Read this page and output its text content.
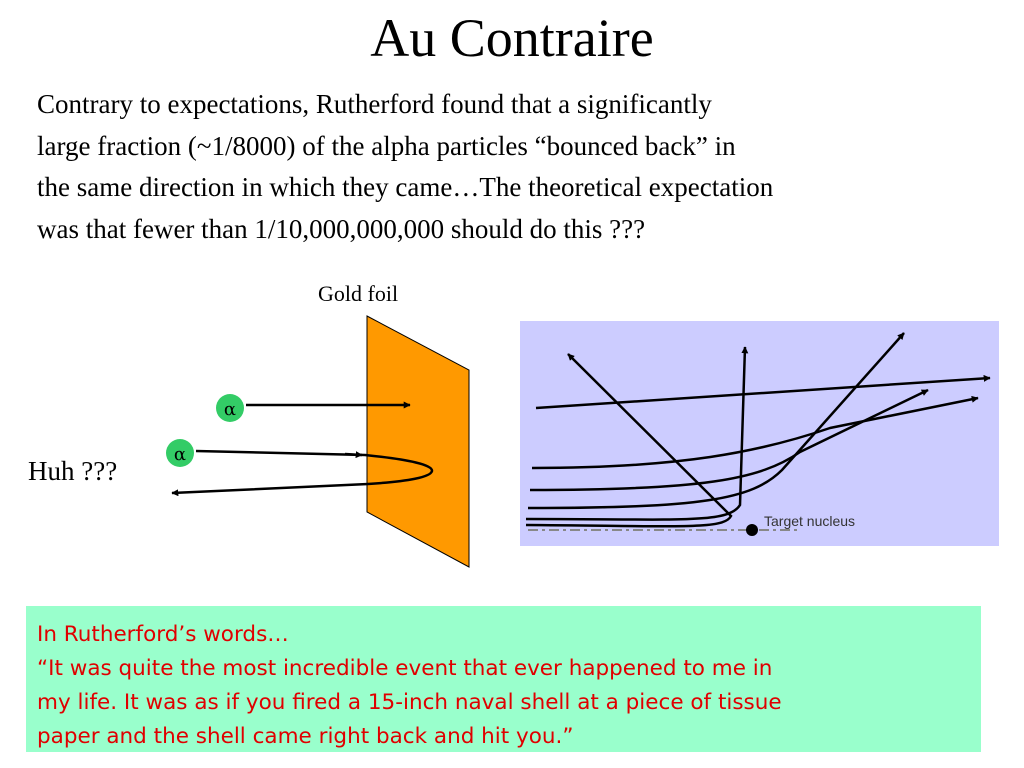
Au Contraire
Contrary to expectations, Rutherford found that a significantly
large fraction (~1/8000) of the alpha particles “bounced back” in
the same direction in which they came…The theoretical expectation
was that fewer than 1/10,000,000,000 should do this ???
Gold foil
Huh ???
α
α
Target nucleus
In Rutherford’s words…
“It was quite the most incredible event that ever happened to me in
my life. It was as if you fired a 15-inch naval shell at a piece of tissue
paper and the shell came right back and hit you.”
